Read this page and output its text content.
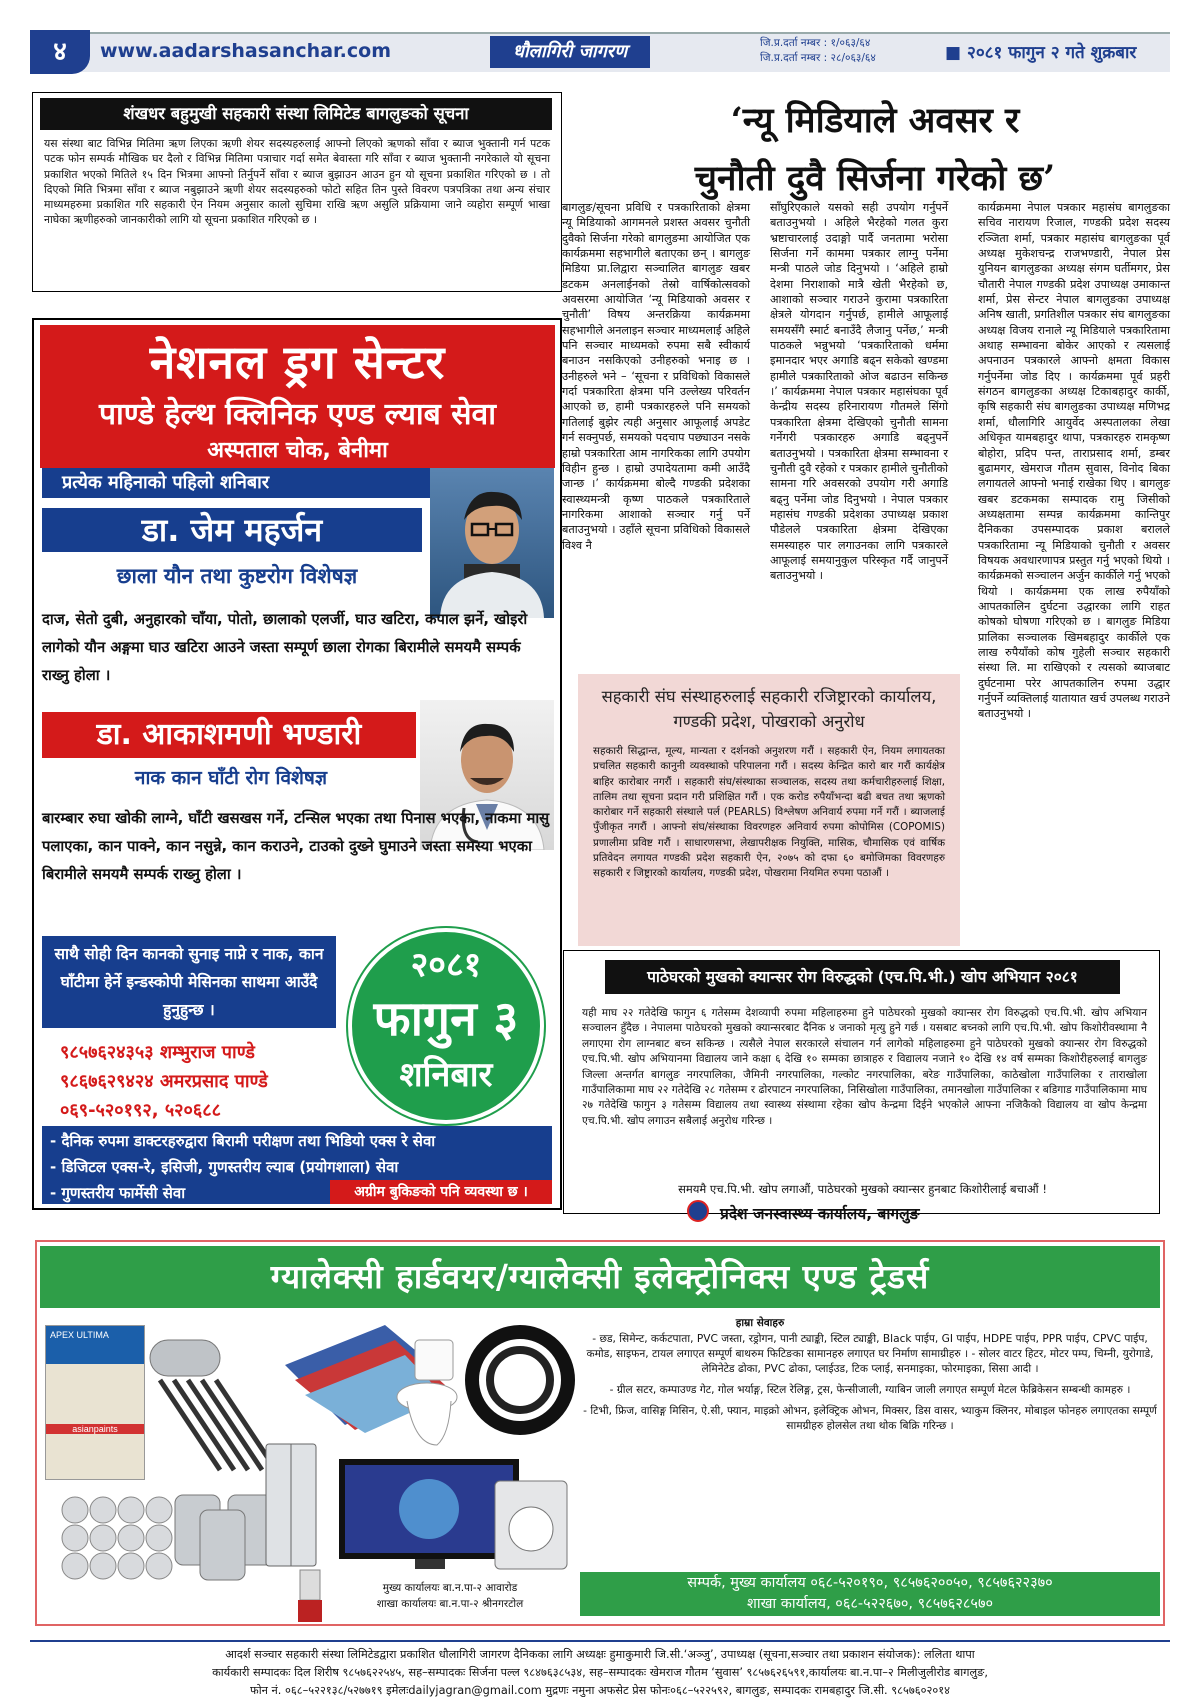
४	www.aadarshasanchar.com	धौलागिरी जागरण	जि.प्र.दर्ता नम्बर : १/०६३/६४
जि.प्र.दर्ता नम्बर : २८/०६३/६४	■ २०८१ फागुन २ गते शुक्रबार
शंखधर बहुमुखी सहकारी संस्था लिमिटेड बागलुङको सूचना
यस संस्था बाट विभिन्न मितिमा ऋण लिएका ऋणी शेयर सदस्यहरुलाई आफ्नो लिएको ऋणको साँवा र ब्याज भुक्तानी गर्न पटक पटक फोन सम्पर्क मौखिक घर दैलो र विभिन्न मितिमा पत्राचार गर्दा समेत बेवास्ता गरि साँवा र ब्याज भुक्तानी नगरेकाले यो सूचना प्रकाशित भएको मितिले १५ दिन भित्रमा आफ्नो तिर्नुपर्ने साँवा र ब्याज बुझाउन आउन हुन यो सूचना प्रकाशित गरिएको छ । तो दिएको मिति भित्रमा साँवा र ब्याज नबुझाउने ऋणी शेयर सदस्यहरुको फोटो सहित तिन पुस्ते विवरण पत्रपत्रिका तथा अन्य संचार माध्यमहरुमा प्रकाशित गरि सहकारी ऐन नियम अनुसार कालो सुचिमा राखि ऋण असुलि प्रक्रियामा जाने व्यहोरा सम्पूर्ण भाखा नाघेका ऋणीहरुको जानकारीको लागि यो सूचना प्रकाशित गरिएको छ ।
‘न्यू मिडियाले अवसर र
चुनौती दुवै सिर्जना गरेको छ’
बागलुङ/सूचना प्रविधि र पत्रकारिताको क्षेत्रमा न्यू मिडियाको आगमनले प्रशस्त अवसर चुनौती दुवैको सिर्जना गरेको बागलुङमा आयोजित एक कार्यक्रममा सहभागीले बताएका छन् । बागलुङ मिडिया प्रा.लिद्वारा सञ्चालित बागलुङ खबर डटकम अनलाईनको तेस्रो वार्षिकोत्सवको अवसरमा आयोजित ‘न्यू मिडियाको अवसर र चुनौती’ विषय अन्तरक्रिया कार्यक्रममा सहभागीले अनलाइन सञ्चार माध्यमलाई अहिले पनि सञ्चार माध्यमको रुपमा सबै स्वीकार्य बनाउन नसकिएको उनीहरुको भनाइ छ । उनीहरुले भने – ‘सूचना र प्रविधिको विकासले गर्दा पत्रकारिता क्षेत्रमा पनि उल्लेख्य परिवर्तन आएको छ, हामी पत्रकारहरुले पनि समयको गतिलाई बुझेर त्यही अनुसार आफूलाई अपडेट गर्न सक्नुपर्छ, समयको पदचाप पछ्याउन नसके हाम्रो पत्रकारिता आम नागरिकका लागि उपयोग विहीन हुन्छ । हाम्रो उपादेयतामा कमी आउँदै जान्छ ।’ कार्यक्रममा बोल्दै गण्डकी प्रदेशका स्वास्थ्यमन्त्री कृष्ण पाठकले पत्रकारिताले नागरिकमा आशाको सञ्चार गर्नु पर्ने बताउनुभयो । उहाँले सूचना प्रविधिको विकासले विश्व नै
साँघुरिएकाले यसको सही उपयोग गर्नुपर्ने बताउनुभयो । अहिले भैरहेको गलत कुरा भ्रष्टाचारलाई उदाङ्गो पार्दै जनतामा भरोसा सिर्जना गर्ने काममा पत्रकार लाग्नु पर्नेमा मन्त्री पाठले जोड दिनुभयो । ‘अहिले हाम्रो देशमा निराशाको मात्रै खेती भैरहेको छ, आशाको सञ्चार गराउने कुरामा पत्रकारिता क्षेत्रले योगदान गर्नुपर्छ, हामीले आफूलाई समयसँगै स्मार्ट बनाउँदै लैजानु पर्नेछ,’ मन्त्री पाठकले भन्नुभयो ‘पत्रकारिताको धर्ममा इमानदार भएर अगाडि बढ्न सकेको खण्डमा हामीले पत्रकारिताको ओज बढाउन सकिन्छ ।’ कार्यक्रममा नेपाल पत्रकार महासंघका पूर्व केन्द्रीय सदस्य हरिनारायण गौतमले सिंगो पत्रकारिता क्षेत्रमा देखिएको चुनौती सामना गर्नेगरी पत्रकारहरु अगाडि बढ्नुपर्ने बताउनुभयो । पत्रकारिता क्षेत्रमा सम्भावना र चुनौती दुवै रहेको र पत्रकार हामीले चुनौतीको सामना गरि अवसरको उपयोग गरी अगाडि बढ्नु पर्नेमा जोड दिनुभयो । नेपाल पत्रकार महासंघ गण्डकी प्रदेशका उपाध्यक्ष प्रकाश पौडेलले पत्रकारिता क्षेत्रमा देखिएका समस्याहरु पार लगाउनका लागि पत्रकारले आफूलाई समयानुकुल परिस्कृत गर्दै जानुपर्ने बताउनुभयो ।
कार्यक्रममा नेपाल पत्रकार महासंघ बागलुङका सचिव नारायण रिजाल, गण्डकी प्रदेश सदस्य रञ्जिता शर्मा, पत्रकार महासंघ बागलुङका पूर्व अध्यक्ष मुकेशचन्द्र राजभण्डारी, नेपाल प्रेस युनियन बागलुङका अध्यक्ष संगम घर्तीमगर, प्रेस चौतारी नेपाल गण्डकी प्रदेश उपाध्यक्ष उमाकान्त शर्मा, प्रेस सेन्टर नेपाल बागलुङका उपाध्यक्ष अनिष खाती, प्रगतिशील पत्रकार संघ बागलुङका अध्यक्ष विजय रानाले न्यू मिडियाले पत्रकारितामा अथाह सम्भावना बोकेर आएको र त्यसलाई अपनाउन पत्रकारले आफ्नो क्षमता विकास गर्नुपर्नेमा जोड दिए । कार्यक्रममा पूर्व प्रहरी संगठन बागलुङका अध्यक्ष टिकाबहादुर कार्की, कृषि सहकारी संघ बागलुङका उपाध्यक्ष मणिभद्र शर्मा, धौलागिरि आयुर्वेद अस्पतालका लेखा अधिकृत यामबहादुर थापा, पत्रकारहरु रामकृष्ण बोहोरा, प्रदिप पन्त, ताराप्रसाद शर्मा, डम्बर बुढामगर, खेमराज गौतम सुवास, विनोद बिका लगायतले आफ्नो भनाई राखेका थिए । बागलुङ खबर डटकमका सम्पादक रामु जिसीको अध्यक्षतामा सम्पन्न कार्यक्रममा कान्तिपुर दैनिकका उपसम्पादक प्रकाश बरालले पत्रकारितामा न्यू मिडियाको चुनौती र अवसर विषयक अवधारणापत्र प्रस्तुत गर्नु भएको थियो । कार्यक्रमको सञ्चालन अर्जुन कार्कीले गर्नु भएको थियो । कार्यक्रममा एक लाख रुपैयाँको आपतकालिन दुर्घटना उद्धारका लागि राहत कोषको घोषणा गरिएको छ । बागलुङ मिडिया प्रालिका सञ्चालक खिमबहादुर कार्कीले एक लाख रुपैयाँको कोष गुहेली सञ्चार सहकारी संस्था लि. मा राखिएको र त्यसको ब्याजबाट दुर्घटनामा परेर आपतकालिन रुपमा उद्धार गर्नुपर्ने व्यक्तिलाई यातायात खर्च उपलब्ध गराउने बताउनुभयो ।
सहकारी संघ संस्थाहरुलाई सहकारी रजिष्ट्रारको कार्यालय, गण्डकी प्रदेश, पोखराको अनुरोध
सहकारी सिद्धान्त, मूल्य, मान्यता र दर्शनको अनुशरण गरौं । सहकारी ऐन, नियम लगायतका प्रचलित सहकारी कानुनी व्यवस्थाको परिपालना गरौं । सदस्य केन्द्रित कारो बार गरौं कार्यक्षेत्र बाहिर कारोबार नगरौं । सहकारी संघ/संस्थाका सञ्चालक, सदस्य तथा कर्मचारीहरुलाई शिक्षा, तालिम तथा सूचना प्रदान गरी प्रशिक्षित गरौं । एक करोड रुपैयाँभन्दा बढी बचत तथा ऋणको कारोबार गर्ने सहकारी संस्थाले पर्ल (PEARLS) विश्लेषण अनिवार्य रुपमा गर्ने गरौं । ब्याजलाई पुँजीकृत नगरौं । आफ्नो संघ/संस्थाका विवरणहरु अनिवार्य रुपमा कोपोमिस (COPOMIS) प्रणालीमा प्रविष्ट गरौं । साधारणसभा, लेखापरीक्षक नियुक्ति, मासिक, चौमासिक एवं वार्षिक प्रतिवेदन लगायत गण्डकी प्रदेश सहकारी ऐन, २०७५ को दफा ६० बमोजिमका विवरणहरु सहकारी र जिष्ट्रारको कार्यालय, गण्डकी प्रदेश, पोखरामा नियमित रुपमा पठाऔं ।
पाठेघरको मुखको क्यान्सर रोग विरुद्धको (एच.पि.भी.) खोप अभियान २०८१
यही माघ २२ गतेदेखि फागुन ६ गतेसम्म देशव्यापी रुपमा महिलाहरुमा हुने पाठेघरको मुखको क्यान्सर रोग विरुद्धको एच.पि.भी. खोप अभियान सञ्चालन हुँदैछ । नेपालमा पाठेघरको मुखको क्यान्सरबाट दैनिक ४ जनाको मृत्यु हुने गर्छ । यसबाट बच्नको लागि एच.पि.भी. खोप किशोरीवस्थामा नै लगाएमा रोग लाग्नबाट बच्न सकिन्छ । त्यसैले नेपाल सरकारले संचालन गर्न लागेको महिलाहरुमा हुने पाठेघरको मुखको क्यान्सर रोग विरुद्धको एच.पि.भी. खोप अभियानमा विद्यालय जाने कक्षा ६ देखि १० सम्मका छात्राहरु र विद्यालय नजाने १० देखि १४ वर्ष सम्मका किशोरीहरुलाई बागलुङ जिल्ला अन्तर्गत बागलुङ नगरपालिका, जैमिनी नगरपालिका, गल्कोट नगरपालिका, बरेङ गाउँपालिका, काठेखोला गाउँपालिका र ताराखोला गाउँपालिकामा माघ २२ गतेदेखि २८ गतेसम्म र ढोरपाटन नगरपालिका, निसिखोला गाउँपालिका, तमानखोला गाउँपालिका र बडिगाड गाउँपालिकामा माघ २७ गतेदेखि फागुन ३ गतेसम्म विद्यालय तथा स्वास्थ्य संस्थामा रहेका खोप केन्द्रमा दिईने भएकोले आफ्ना नजिकैको विद्यालय वा खोप केन्द्रमा एच.पि.भी. खोप लगाउन सबैलाई अनुरोध गरिन्छ ।
समयमै एच.पि.भी. खोप लगाऔं, पाठेघरको मुखको क्यान्सर हुनबाट किशोरीलाई बचाऔं !
प्रदेश जनस्वास्थ्य कार्यालय, बागलुङ
नेशनल ड्रग सेन्टर
पाण्डे हेल्थ क्लिनिक एण्ड ल्याब सेवा
अस्पताल चोक, बेनीमा
प्रत्येक महिनाको पहिलो शनिबार
डा. जेम महर्जन
छाला यौन तथा कुष्टरोग विशेषज्ञ
दाज, सेतो दुबी, अनुहारको चाँया, पोतो, छालाको एलर्जी, घाउ खटिरा, कपाल झर्ने, खोइरो लागेको यौन अङ्गमा घाउ खटिरा आउने जस्ता सम्पूर्ण छाला रोगका बिरामीले समयमै सम्पर्क राख्नु होला ।
डा. आकाशमणी भण्डारी
नाक कान घाँटी रोग विशेषज्ञ
बारम्बार रुघा खोकी लाग्ने, घाँटी खसखस गर्ने, टन्सिल भएका तथा पिनास भएका, नाकमा मासु पलाएका, कान पाक्ने, कान नसुन्ने, कान कराउने, टाउको दुख्ने घुमाउने जस्ता समस्या भएका बिरामीले समयमै सम्पर्क राख्नु होला ।
साथै सोही दिन कानको सुनाइ नाप्ने र नाक, कान घाँटीमा हेर्ने इन्डस्कोपी मेसिनका साथमा आउँदै हुनुहुन्छ ।
२०८१
फागुन ३
शनिबार
९८५७६२४३५३ शम्भुराज पाण्डे
९८६७६२९४२४ अमरप्रसाद पाण्डे
०६९-५२०१९२, ५२०६८८
- दैनिक रुपमा डाक्टरहरुद्वारा बिरामी परीक्षण तथा भिडियो एक्स रे सेवा
- डिजिटल एक्स-रे, इसिजी, गुणस्तरीय ल्याब (प्रयोगशाला) सेवा
- गुणस्तरीय फार्मेसी सेवा	अग्रीम बुकिङको पनि व्यवस्था छ ।
ग्यालेक्सी हार्डवयर/ग्यालेक्सी इलेक्ट्रोनिक्स एण्ड ट्रेडर्स
APEX ULTIMA
asianpaints
मुख्य कार्यालयः बा.न.पा-२ आवारोड
शाखा कार्यालयः बा.न.पा-२ श्रीनगरटोल
हाम्रा सेवाहरु
- छड, सिमेन्ट, कर्कटपाता, PVC जस्ता, रड्रोगन, पानी ट्याङ्की, स्टिल ट्याङ्की, Black पाईप, GI पाईप, HDPE पाईप, PPR पाईप, CPVC पाईप, कमोड, साइफन, टायल लगाएत सम्पूर्ण बाथरुम फिटिङका सामानहरु लगाएत घर निर्माण सामाग्रीहरु । - सोलर वाटर हिटर, मोटर पम्प, चिम्नी, युरोगाडे, लेमिनेटेड ढोका, PVC ढोका, प्लाईउड, टिक प्लाई, सनमाइका, फोरमाइका, सिसा आदी ।
- ग्रील सटर, कम्पाउण्ड गेट, गोल भर्याङ्ग, स्टिल रेलिङ्ग, ट्रस, फेन्सीजाली, ग्याबिन जाली लगाएत सम्पूर्ण मेटल फेब्रिकेसन सम्बन्धी कामहरु ।
- टिभी, फ्रिज, वासिङ्ग मिसिन, ऐ.सी, फ्यान, माइक्रो ओभन, इलेक्ट्रिक ओभन, मिक्सर, डिस वासर, भ्याकुम क्लिनर, मोबाइल फोनहरु लगाएतका सम्पूर्ण सामग्रीहरु होलसेल तथा थोक बिक्रि गरिन्छ ।
सम्पर्क, मुख्य कार्यालय ०६८-५२०१९०, ९८५७६२००५०, ९८५७६२२३७०
शाखा कार्यालय, ०६८-५२२६७०, ९८५७६२८५७०
आदर्श सञ्चार सहकारी संस्था लिमिटेडद्वारा प्रकाशित धौलागिरी जागरण दैनिकका लागि अध्यक्षः हुमाकुमारी जि.सी.‘अञ्जु’, उपाध्यक्ष (सूचना,सञ्चार तथा प्रकाशन संयोजक): ललिता थापा
कार्यकारी सम्पादकः दिल शिरीष ९८५७६२२५४५, सह–सम्पादकः सिर्जना पल्ल ९८४७६३८५३४, सह–सम्पादकः खेमराज गौतम ‘सुवास’ ९८५७६२६५९१,कार्यालयः बा.न.पा–२ मिलीजुलीरोड बागलुङ,
फोन नं. ०६८–५२२१३८/५२७७१९ इमेलःdailyjagran@gmail.com मुद्रणः नमुना अफसेट प्रेस फोनः०६८–५२२५९२, बागलुङ, सम्पादकः रामबहादुर जि.सी. ९८५७६०२०१४
